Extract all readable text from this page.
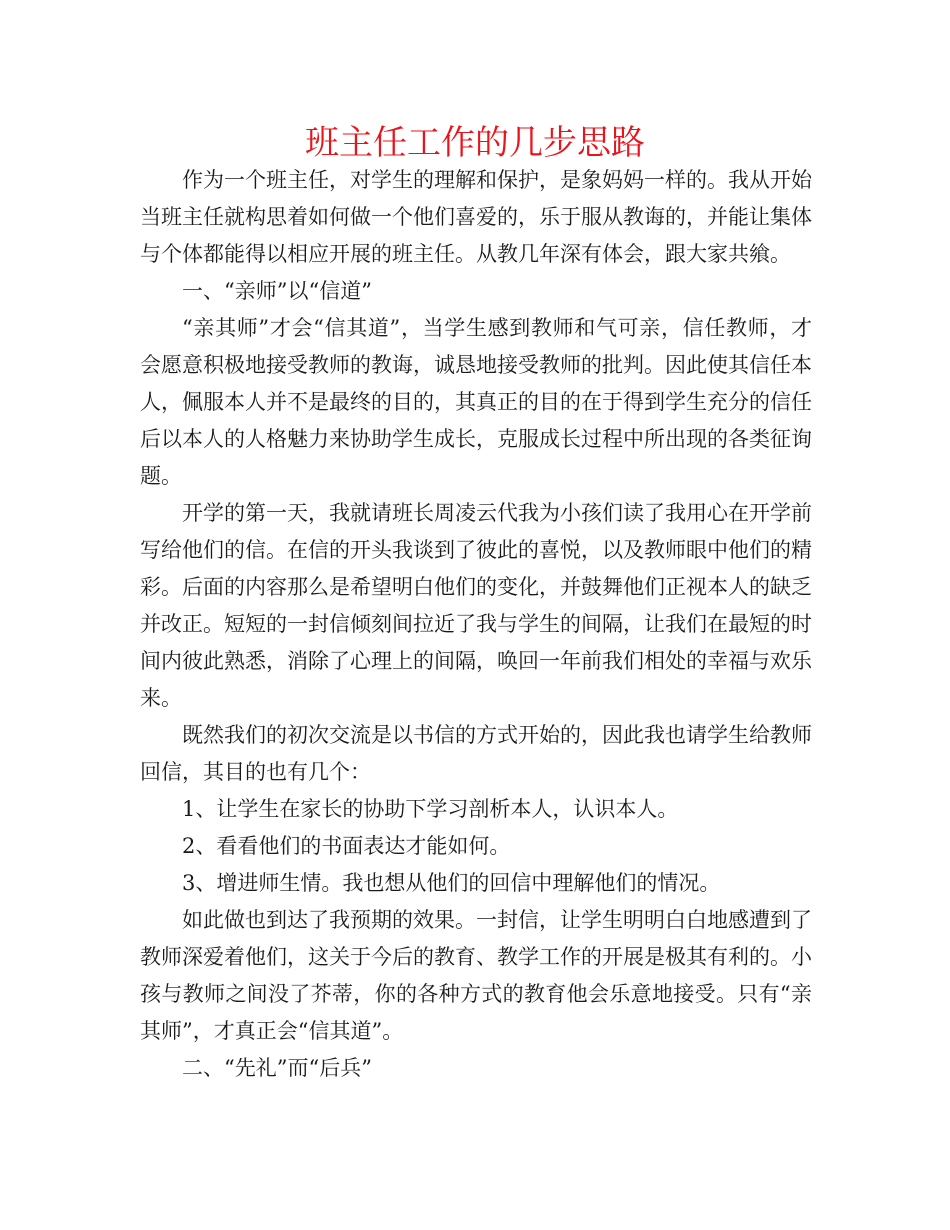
班主任工作的几步思路

作为一个班主任，对学生的理解和保护，是象妈妈一样的。我从开始当班主任就构思着如何做一个他们喜爱的，乐于服从教诲的，并能让集体与个体都能得以相应开展的班主任。从教几年深有体会，跟大家共飨。

一、“亲师”以“信道”

“亲其师”才会“信其道”，当学生感到教师和气可亲，信任教师，才会愿意积极地接受教师的教诲，诚恳地接受教师的批判。因此使其信任本人，佩服本人并不是最终的目的，其真正的目的在于得到学生充分的信任后以本人的人格魅力来协助学生成长，克服成长过程中所出现的各类征询题。

开学的第一天，我就请班长周凌云代我为小孩们读了我用心在开学前写给他们的信。在信的开头我谈到了彼此的喜悦，以及教师眼中他们的精彩。后面的内容那么是希望明白他们的变化，并鼓舞他们正视本人的缺乏并改正。短短的一封信倾刻间拉近了我与学生的间隔，让我们在最短的时间内彼此熟悉，消除了心理上的间隔，唤回一年前我们相处的幸福与欢乐来。

既然我们的初次交流是以书信的方式开始的，因此我也请学生给教师回信，其目的也有几个：

1、让学生在家长的协助下学习剖析本人，认识本人。

2、看看他们的书面表达才能如何。

3、增进师生情。我也想从他们的回信中理解他们的情况。

如此做也到达了我预期的效果。一封信，让学生明明白白地感遭到了教师深爱着他们，这关于今后的教育、教学工作的开展是极其有利的。小孩与教师之间没了芥蒂，你的各种方式的教育他会乐意地接受。只有“亲其师”，才真正会“信其道”。

二、“先礼”而“后兵”
